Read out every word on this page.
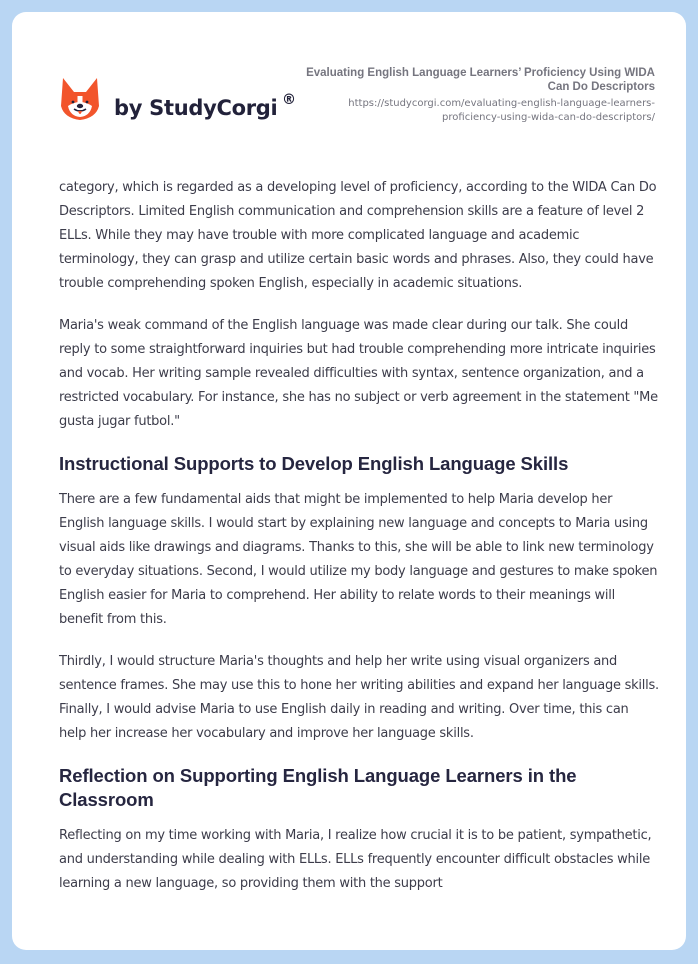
by StudyCorgi ®
Evaluating English Language Learners’ Proficiency Using WIDA Can Do Descriptors
https://studycorgi.com/evaluating-english-language-learners-proficiency-using-wida-can-do-descriptors/

category, which is regarded as a developing level of proficiency, according to the WIDA Can Do Descriptors. Limited English communication and comprehension skills are a feature of level 2 ELLs. While they may have trouble with more complicated language and academic terminology, they can grasp and utilize certain basic words and phrases. Also, they could have trouble comprehending spoken English, especially in academic situations.

Maria's weak command of the English language was made clear during our talk. She could reply to some straightforward inquiries but had trouble comprehending more intricate inquiries and vocab. Her writing sample revealed difficulties with syntax, sentence organization, and a restricted vocabulary. For instance, she has no subject or verb agreement in the statement "Me gusta jugar futbol."

Instructional Supports to Develop English Language Skills

There are a few fundamental aids that might be implemented to help Maria develop her English language skills. I would start by explaining new language and concepts to Maria using visual aids like drawings and diagrams. Thanks to this, she will be able to link new terminology to everyday situations. Second, I would utilize my body language and gestures to make spoken English easier for Maria to comprehend. Her ability to relate words to their meanings will benefit from this.

Thirdly, I would structure Maria's thoughts and help her write using visual organizers and sentence frames. She may use this to hone her writing abilities and expand her language skills. Finally, I would advise Maria to use English daily in reading and writing. Over time, this can help her increase her vocabulary and improve her language skills.

Reflection on Supporting English Language Learners in the Classroom

Reflecting on my time working with Maria, I realize how crucial it is to be patient, sympathetic, and understanding while dealing with ELLs. ELLs frequently encounter difficult obstacles while learning a new language, so providing them with the support
